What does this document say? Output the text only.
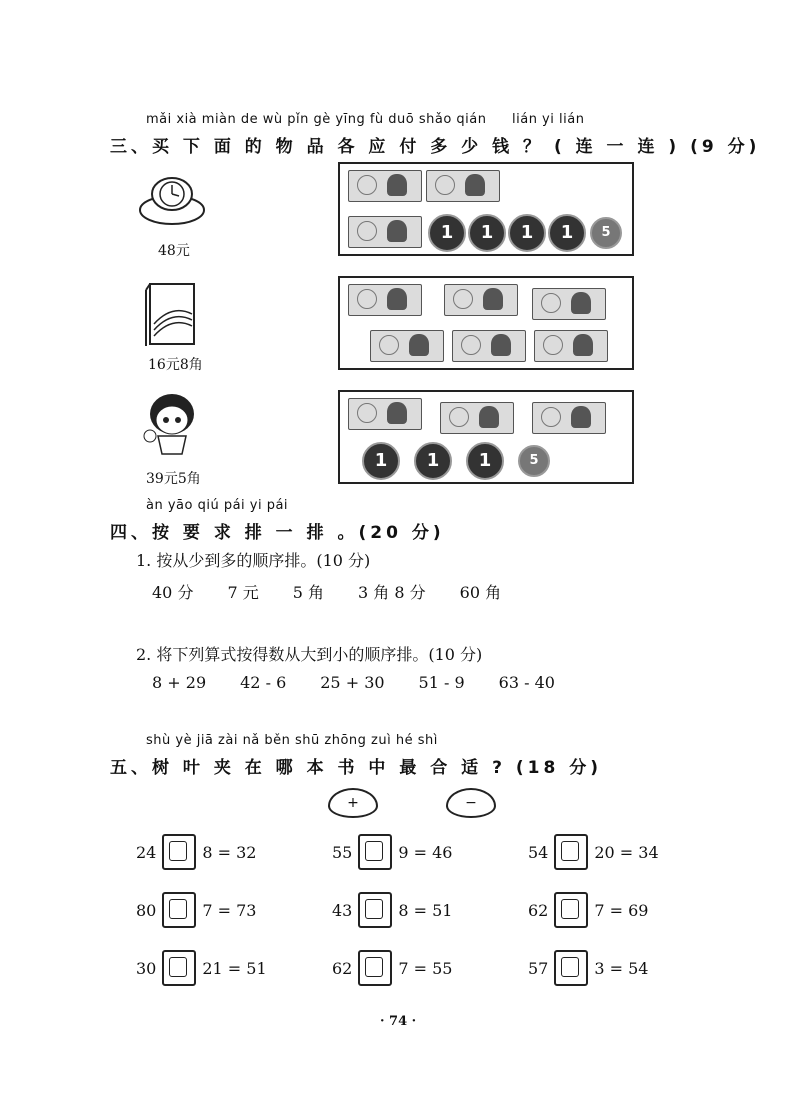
mǎi xià miàn de wù pǐn gè yīng fù duō shǎo qián lián yi lián
三、买 下 面 的 物 品 各 应 付 多 少 钱 ？ ( 连 一 连 ) (9 分)
48元
1	1	1	1	5
16元8角
39元5角
1	1	1	5
àn yāo qiú pái yi pái
四、按 要 求 排 一 排 。(20 分)
1. 按从少到多的顺序排。(10 分)
40 分 7 元 5 角 3 角 8 分 60 角
2. 将下列算式按得数从大到小的顺序排。(10 分)
8 + 29 42 - 6 25 + 30 51 - 9 63 - 40
shù yè jiā zài nǎ běn shū zhōng zuì hé shì
五、树 叶 夹 在 哪 本 书 中 最 合 适 ? (18 分)
+	−
24	8 = 32	55	9 = 46	54	20 = 34
80	7 = 73	43	8 = 51	62	7 = 69
30	21 = 51	62	7 = 55	57	3 = 54
· 74 ·
